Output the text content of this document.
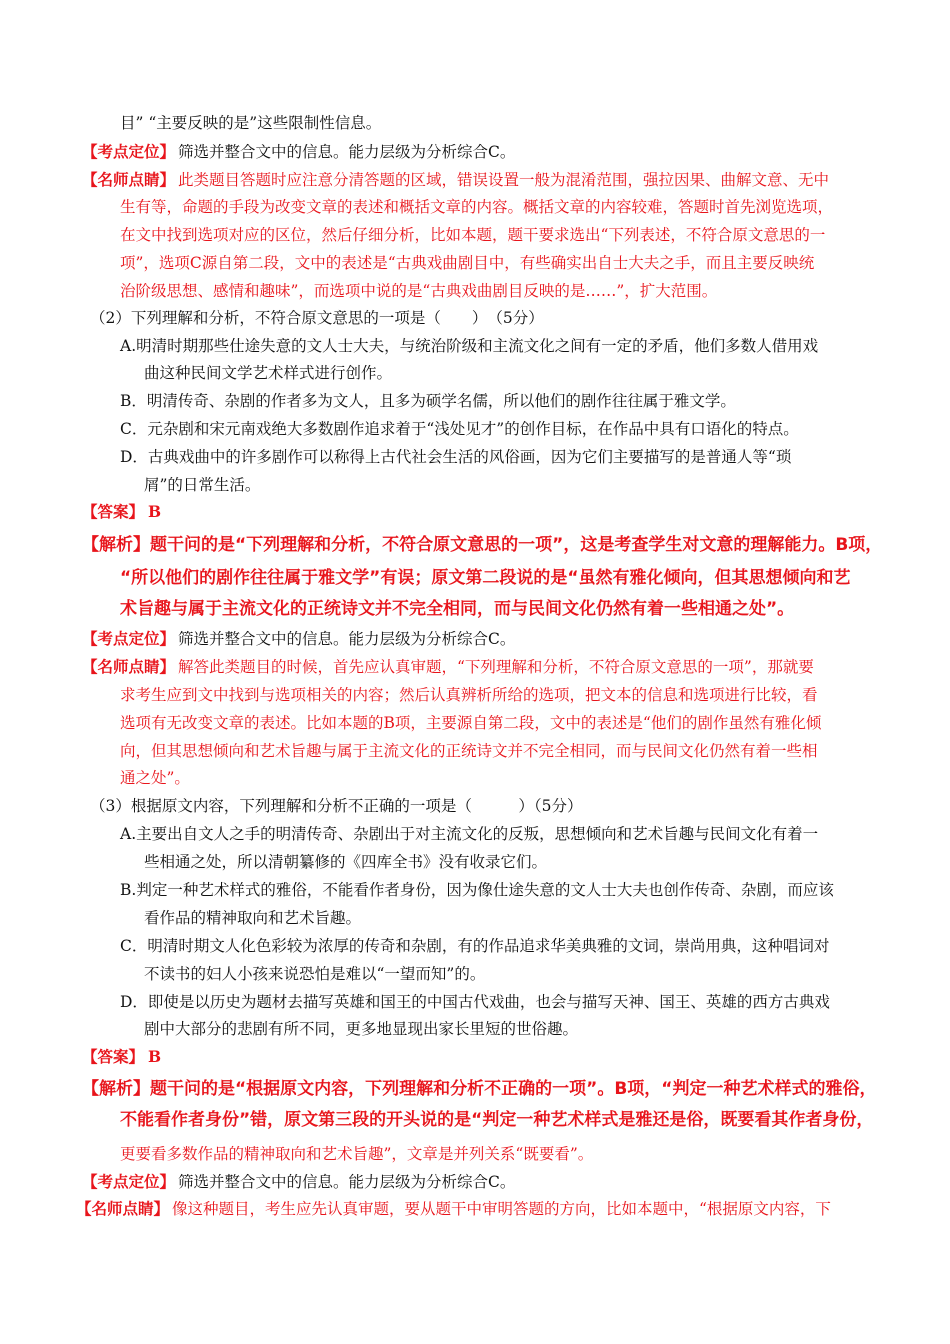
目” “主要反映的是”这些限制性信息。
【考点定位】 筛选并整合文中的信息。能力层级为分析综合C。
【名师点睛】 此类题目答题时应注意分清答题的区域，错误设置一般为混淆范围，强拉因果、曲解文意、无中
生有等，命题的手段为改变文章的表述和概括文章的内容。概括文章的内容较难，答题时首先浏览选项，
在文中找到选项对应的区位，然后仔细分析，比如本题，题干要求选出“下列表述，不符合原文意思的一
项”，选项C源自第二段，文中的表述是“古典戏曲剧目中，有些确实出自士大夫之手，而且主要反映统
治阶级思想、感情和趣味”，而选项中说的是“古典戏曲剧目反映的是……”，扩大范围。
（2）下列理解和分析，不符合原文意思的一项是（　　）　（5分）
A.明清时期那些仕途失意的文人士大夫，与统治阶级和主流文化之间有一定的矛盾，他们多数人借用戏
曲这种民间文学艺术样式进行创作。
B．明清传奇、杂剧的作者多为文人，且多为硕学名儒，所以他们的剧作往往属于雅文学。
C．元杂剧和宋元南戏绝大多数剧作追求着于“浅处见才”的创作目标，在作品中具有口语化的特点。
D．古典戏曲中的许多剧作可以称得上古代社会生活的风俗画，因为它们主要描写的是普通人等“琐
屑”的日常生活。
【答案】 B
【解析】 题干问的是“下列理解和分析，不符合原文意思的一项”，这是考查学生对文意的理解能力。B项，
“所以他们的剧作往往属于雅文学”有误；原文第二段说的是“虽然有雅化倾向，但其思想倾向和艺
术旨趣与属于主流文化的正统诗文并不完全相同，而与民间文化仍然有着一些相通之处”。
【考点定位】 筛选并整合文中的信息。能力层级为分析综合C。
【名师点睛】 解答此类题目的时候，首先应认真审题，“下列理解和分析，不符合原文意思的一项”，那就要
求考生应到文中找到与选项相关的内容；然后认真辨析所给的选项，把文本的信息和选项进行比较，看
选项有无改变文章的表述。比如本题的B项，主要源自第二段，文中的表述是“他们的剧作虽然有雅化倾
向，但其思想倾向和艺术旨趣与属于主流文化的正统诗文并不完全相同，而与民间文化仍然有着一些相
通之处”。
（3）根据原文内容，下列理解和分析不正确的一项是（　　　）（5分）
A.主要出自文人之手的明清传奇、杂剧出于对主流文化的反叛，思想倾向和艺术旨趣与民间文化有着一
些相通之处，所以清朝纂修的《四库全书》没有收录它们。
B.判定一种艺术样式的雅俗，不能看作者身份，因为像仕途失意的文人士大夫也创作传奇、杂剧，而应该
看作品的精神取向和艺术旨趣。
C．明清时期文人化色彩较为浓厚的传奇和杂剧，有的作品追求华美典雅的文词，崇尚用典，这种唱词对
不读书的妇人小孩来说恐怕是难以“一望而知”的。
D．即使是以历史为题材去描写英雄和国王的中国古代戏曲，也会与描写天神、国王、英雄的西方古典戏
剧中大部分的悲剧有所不同，更多地显现出家长里短的世俗趣。
【答案】 B
【解析】 题干问的是“根据原文内容，下列理解和分析不正确的一项”。B项，“判定一种艺术样式的雅俗，
不能看作者身份”错，原文第三段的开头说的是“判定一种艺术样式是雅还是俗，既要看其作者身份，
更要看多数作品的精神取向和艺术旨趣”，文章是并列关系“既要看”。
【考点定位】 筛选并整合文中的信息。能力层级为分析综合C。
【名师点睛】 像这种题目，考生应先认真审题，要从题干中审明答题的方向，比如本题中，“根据原文内容，下
